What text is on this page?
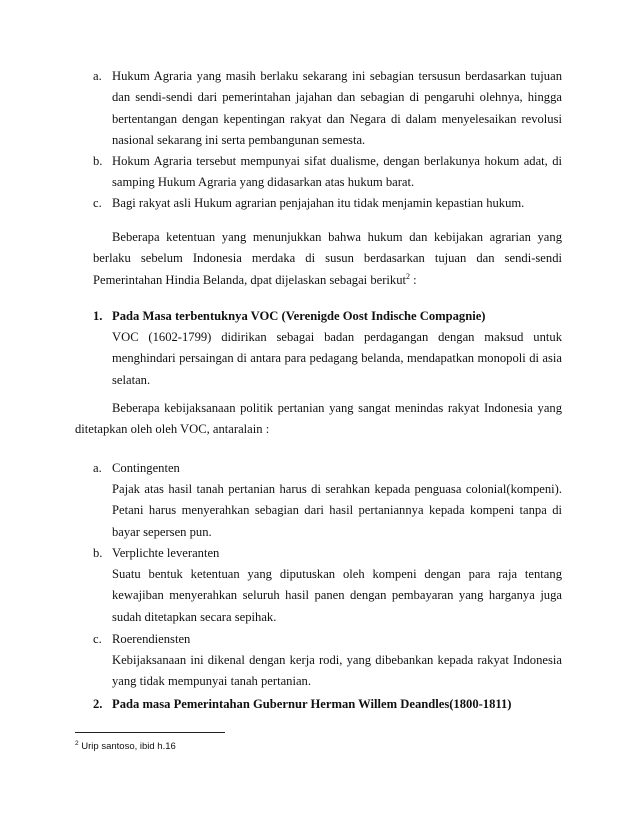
a. Hukum Agraria yang masih berlaku sekarang ini sebagian tersusun berdasarkan tujuan
dan sendi-sendi dari pemerintahan jajahan dan sebagian di pengaruhi olehnya, hingga
bertentangan dengan kepentingan rakyat dan Negara di dalam menyelesaikan revolusi
nasional sekarang ini serta pembangunan semesta.
b. Hokum Agraria tersebut mempunyai sifat dualisme, dengan berlakunya hokum adat, di
samping Hukum Agraria yang didasarkan atas hukum barat.
c. Bagi rakyat asli Hukum agrarian penjajahan itu tidak menjamin kepastian hukum.
Beberapa ketentuan yang menunjukkan bahwa hukum dan kebijakan agrarian yang
berlaku sebelum Indonesia merdaka di susun berdasarkan tujuan dan sendi-sendi
Pemerintahan Hindia Belanda, dpat dijelaskan sebagai berikut$^2$ :
1. Pada Masa terbentuknya VOC (Verenigde Oost Indische Compagnie)
VOC (1602-1799) didirikan sebagai badan perdagangan dengan maksud untuk
menghindari persaingan di antara para pedagang belanda, mendapatkan monopoli di asia
selatan.
Beberapa kebijaksanaan politik pertanian yang sangat menindas rakyat Indonesia yang
ditetapkan oleh oleh VOC, antaralain :
a. Contingenten
Pajak atas hasil tanah pertanian harus di serahkan kepada penguasa colonial(kompeni).
Petani harus menyerahkan sebagian dari hasil pertaniannya kepada kompeni tanpa di
bayar sepersen pun.
b. Verplichte leveranten
Suatu bentuk ketentuan yang diputuskan oleh kompeni dengan para raja tentang
kewajiban menyerahkan seluruh hasil panen dengan pembayaran yang harganya juga
sudah ditetapkan secara sepihak.
c. Roerendiensten
Kebijaksanaan ini dikenal dengan kerja rodi, yang dibebankan kepada rakyat Indonesia
yang tidak mempunyai tanah pertanian.
2. Pada masa Pemerintahan Gubernur Herman Willem Deandles(1800-1811)
$^2$ Urip santoso, ibid h.16
